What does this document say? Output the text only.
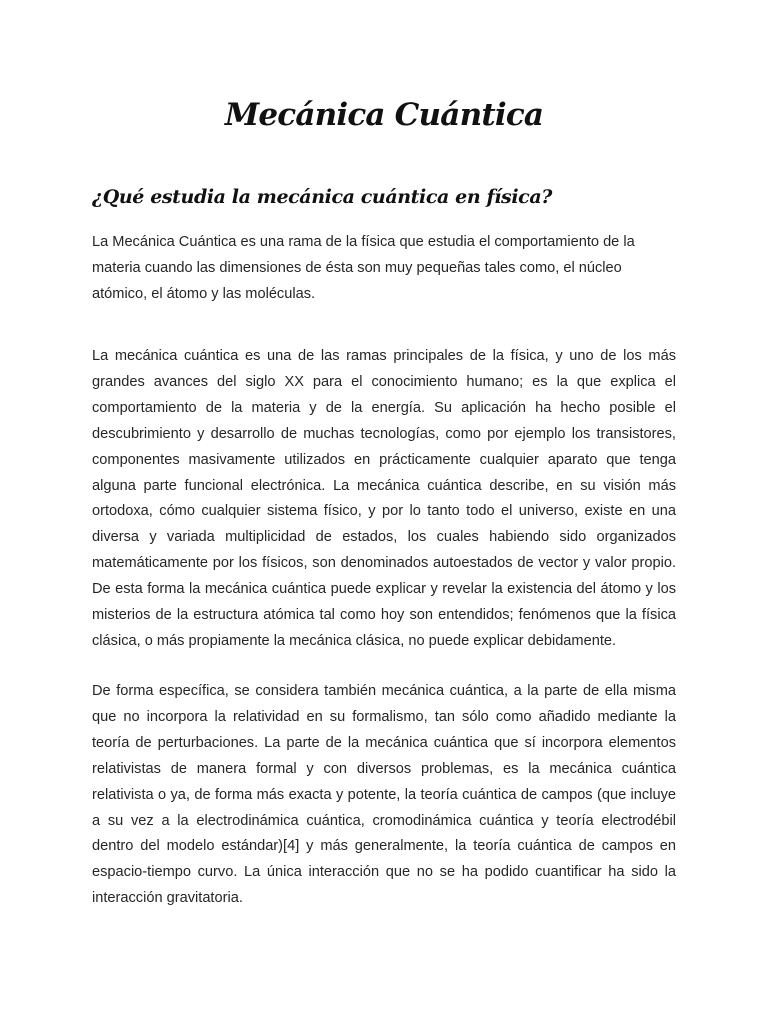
Mecánica Cuántica
¿Qué estudia la mecánica cuántica en física?

La Mecánica Cuántica es una rama de la física que estudia el comportamiento de la materia cuando las dimensiones de ésta son muy pequeñas tales como, el núcleo atómico, el átomo y las moléculas.

La mecánica cuántica es una de las ramas principales de la física, y uno de los más grandes avances del siglo XX para el conocimiento humano; es la que explica el comportamiento de la materia y de la energía. Su aplicación ha hecho posible el descubrimiento y desarrollo de muchas tecnologías, como por ejemplo los transistores, componentes masivamente utilizados en prácticamente cualquier aparato que tenga alguna parte funcional electrónica. La mecánica cuántica describe, en su visión más ortodoxa, cómo cualquier sistema físico, y por lo tanto todo el universo, existe en una diversa y variada multiplicidad de estados, los cuales habiendo sido organizados matemáticamente por los físicos, son denominados autoestados de vector y valor propio. De esta forma la mecánica cuántica puede explicar y revelar la existencia del átomo y los misterios de la estructura atómica tal como hoy son entendidos; fenómenos que la física clásica, o más propiamente la mecánica clásica, no puede explicar debidamente.

De forma específica, se considera también mecánica cuántica, a la parte de ella misma que no incorpora la relatividad en su formalismo, tan sólo como añadido mediante la teoría de perturbaciones. La parte de la mecánica cuántica que sí incorpora elementos relativistas de manera formal y con diversos problemas, es la mecánica cuántica relativista o ya, de forma más exacta y potente, la teoría cuántica de campos (que incluye a su vez a la electrodinámica cuántica, cromodinámica cuántica y teoría electrodébil dentro del modelo estándar)[4] y más generalmente, la teoría cuántica de campos en espacio-tiempo curvo. La única interacción que no se ha podido cuantificar ha sido la interacción gravitatoria.
